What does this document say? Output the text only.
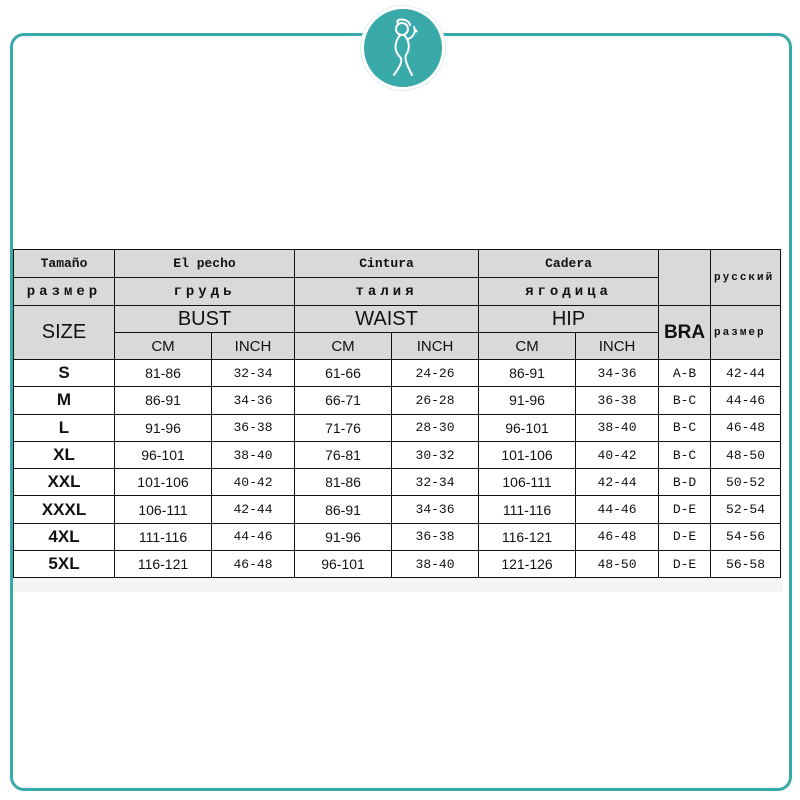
Tamaño	El pecho		Cintura		Cadera			русский
размер	грудь		талия		ягодица			
SIZE	BUST		WAIST		HIP		BRA	размер
	CM	INCH	CM	INCH	CM	INCH		
S	81-86	32-34	61-66	24-26	86-91	34-36	A-B	42-44
M	86-91	34-36	66-71	26-28	91-96	36-38	B-C	44-46
L	91-96	36-38	71-76	28-30	96-101	38-40	B-C	46-48
XL	96-101	38-40	76-81	30-32	101-106	40-42	B-C	48-50
XXL	101-106	40-42	81-86	32-34	106-111	42-44	B-D	50-52
XXXL	106-111	42-44	86-91	34-36	111-116	44-46	D-E	52-54
4XL	111-116	44-46	91-96	36-38	116-121	46-48	D-E	54-56
5XL	116-121	46-48	96-101	38-40	121-126	48-50	D-E	56-58
